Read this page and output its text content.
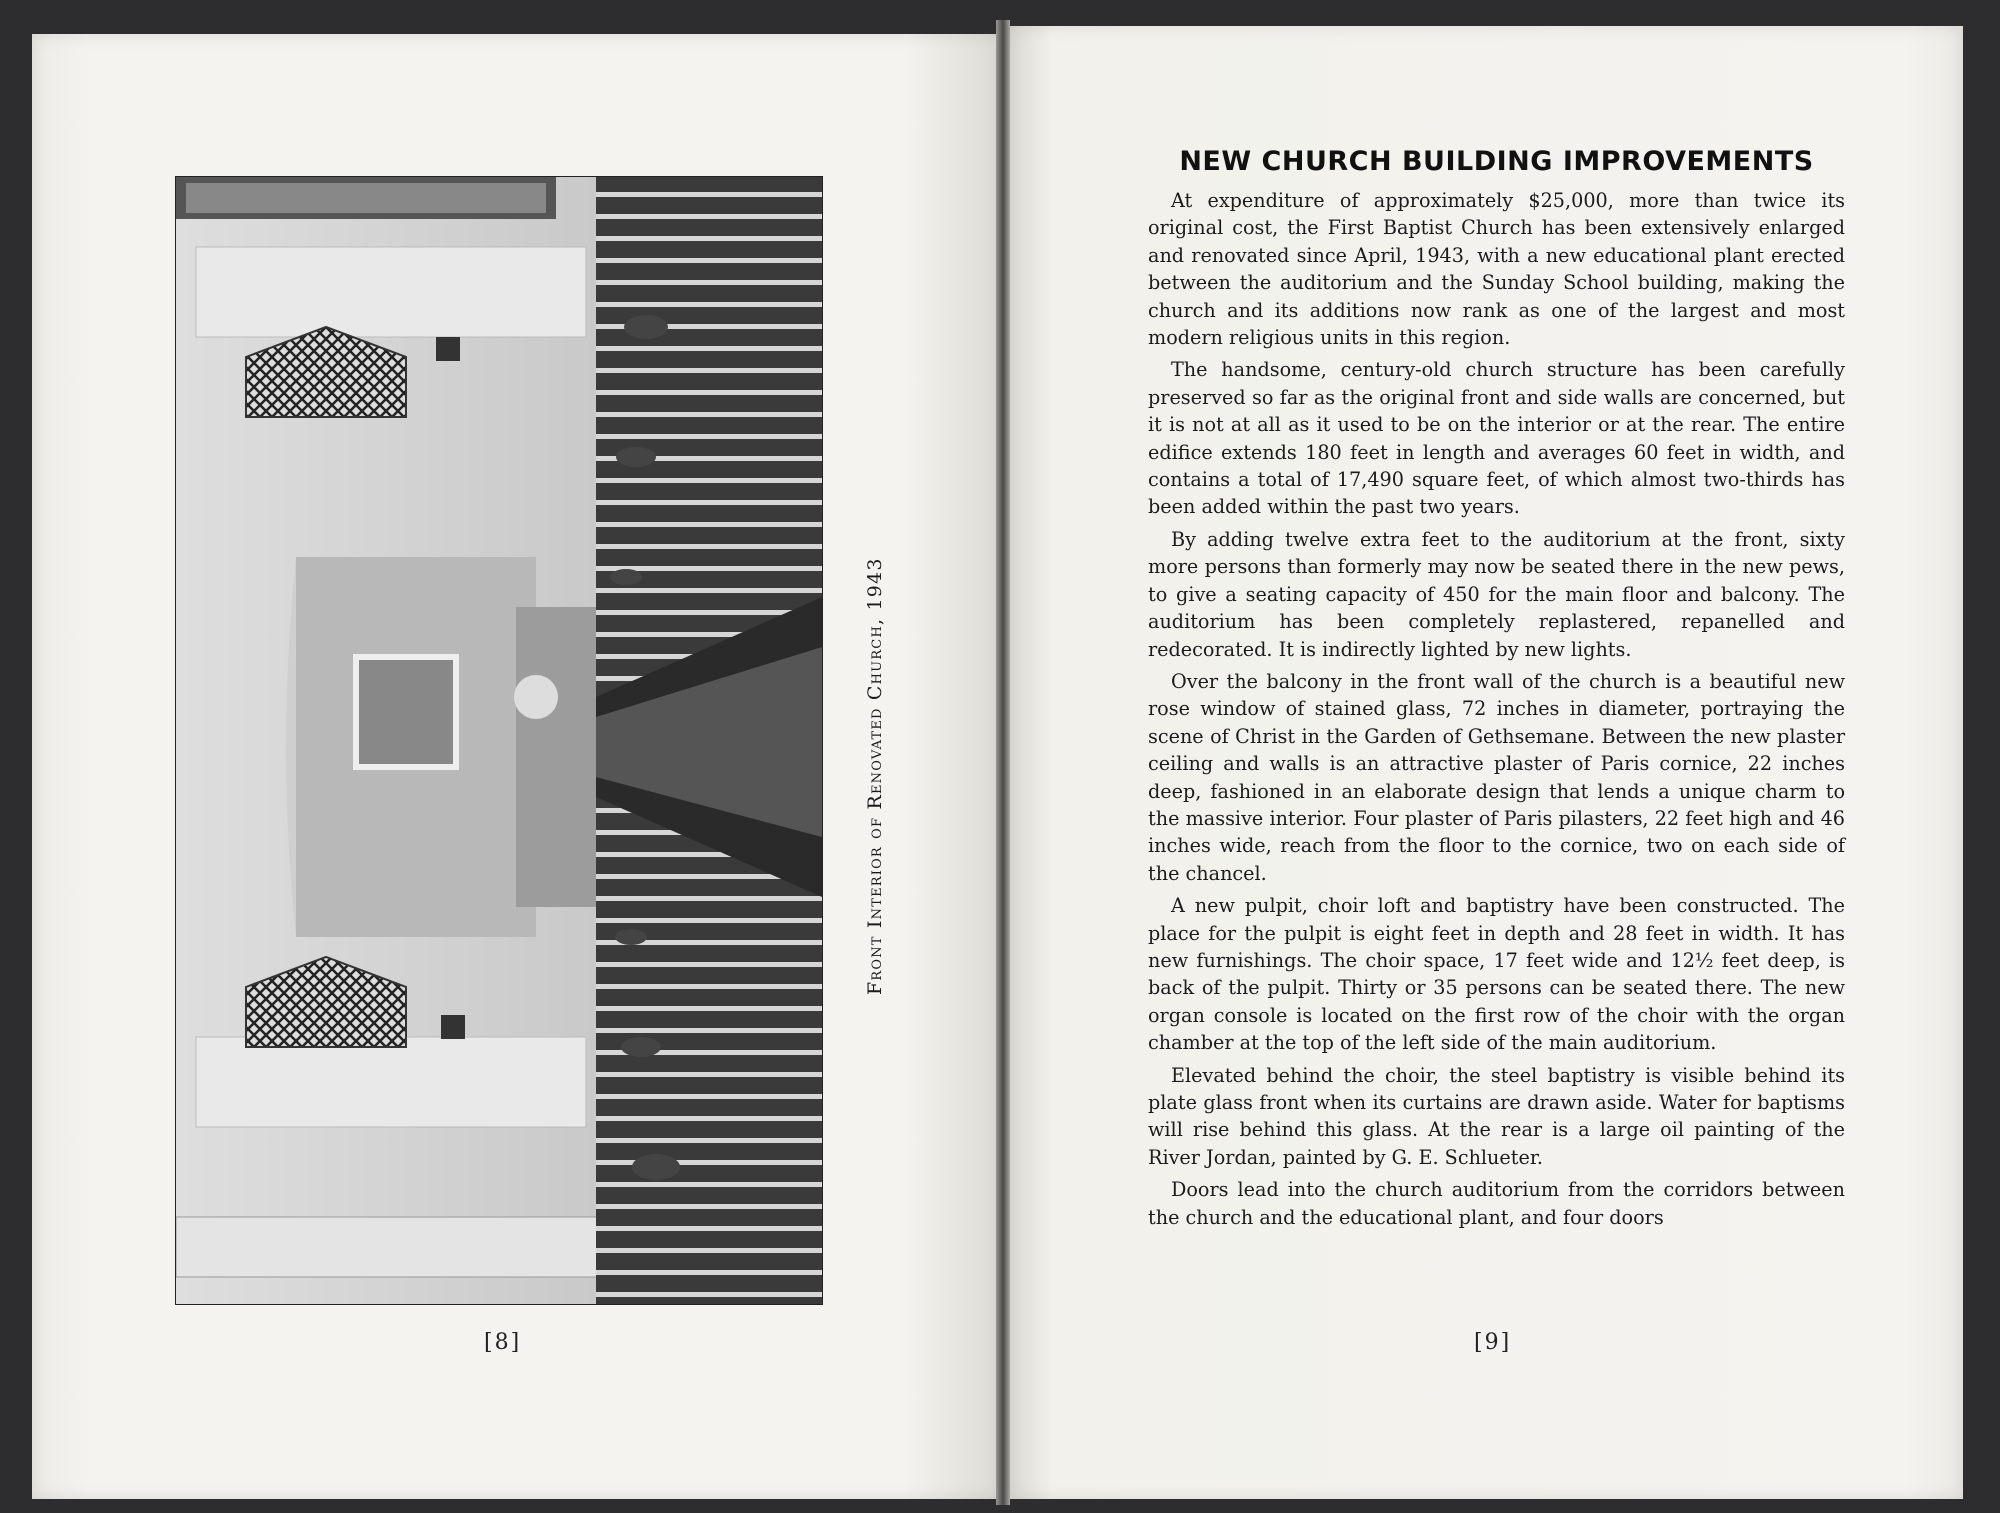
Front Interior of Renovated Church, 1943
[8]
NEW CHURCH BUILDING IMPROVEMENTS

At expenditure of approximately $25,000, more than twice its original cost, the First Baptist Church has been extensively enlarged and renovated since April, 1943, with a new educational plant erected between the auditorium and the Sunday School building, making the church and its additions now rank as one of the largest and most modern religious units in this region.

The handsome, century-old church structure has been carefully preserved so far as the original front and side walls are concerned, but it is not at all as it used to be on the interior or at the rear. The entire edifice extends 180 feet in length and averages 60 feet in width, and contains a total of 17,490 square feet, of which almost two-thirds has been added within the past two years.

By adding twelve extra feet to the auditorium at the front, sixty more persons than formerly may now be seated there in the new pews, to give a seating capacity of 450 for the main floor and balcony. The auditorium has been completely replastered, repanelled and redecorated. It is indirectly lighted by new lights.

Over the balcony in the front wall of the church is a beautiful new rose window of stained glass, 72 inches in diameter, portraying the scene of Christ in the Garden of Gethsemane. Between the new plaster ceiling and walls is an attractive plaster of Paris cornice, 22 inches deep, fashioned in an elaborate design that lends a unique charm to the massive interior. Four plaster of Paris pilasters, 22 feet high and 46 inches wide, reach from the floor to the cornice, two on each side of the chancel.

A new pulpit, choir loft and baptistry have been constructed. The place for the pulpit is eight feet in depth and 28 feet in width. It has new furnishings. The choir space, 17 feet wide and 12½ feet deep, is back of the pulpit. Thirty or 35 persons can be seated there. The new organ console is located on the first row of the choir with the organ chamber at the top of the left side of the main auditorium.

Elevated behind the choir, the steel baptistry is visible behind its plate glass front when its curtains are drawn aside. Water for baptisms will rise behind this glass. At the rear is a large oil painting of the River Jordan, painted by G. E. Schlueter.

Doors lead into the church auditorium from the corridors between the church and the educational plant, and four doors

[9]
